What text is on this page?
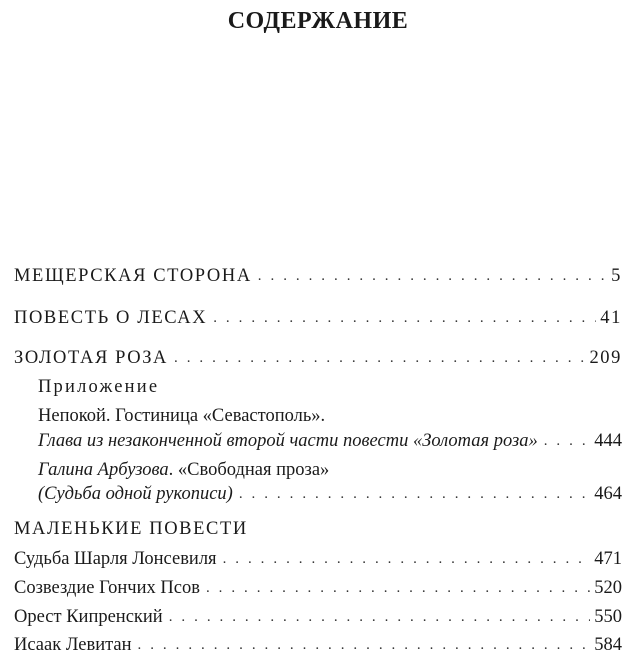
СОДЕРЖАНИЕ
МЕЩЕРСКАЯ СТОРОНА . . .	5
ПОВЕСТЬ О ЛЕСАХ . . .	41
ЗОЛОТАЯ РОЗА . . .	209
Приложение
Непокой. Гостиница «Севастополь».
Глава из незаконченной второй части повести «Золотая роза» . . .	444
Галина Арбузова . «Свободная проза»
(Судьба одной рукописи) . . .	464
МАЛЕНЬКИЕ ПОВЕСТИ
Судьба Шарля Лонсевиля . . .	471
Созвездие Гончих Псов . . .	520
Орест Кипренский . . .	550
Исаак Левитан . . .	584
